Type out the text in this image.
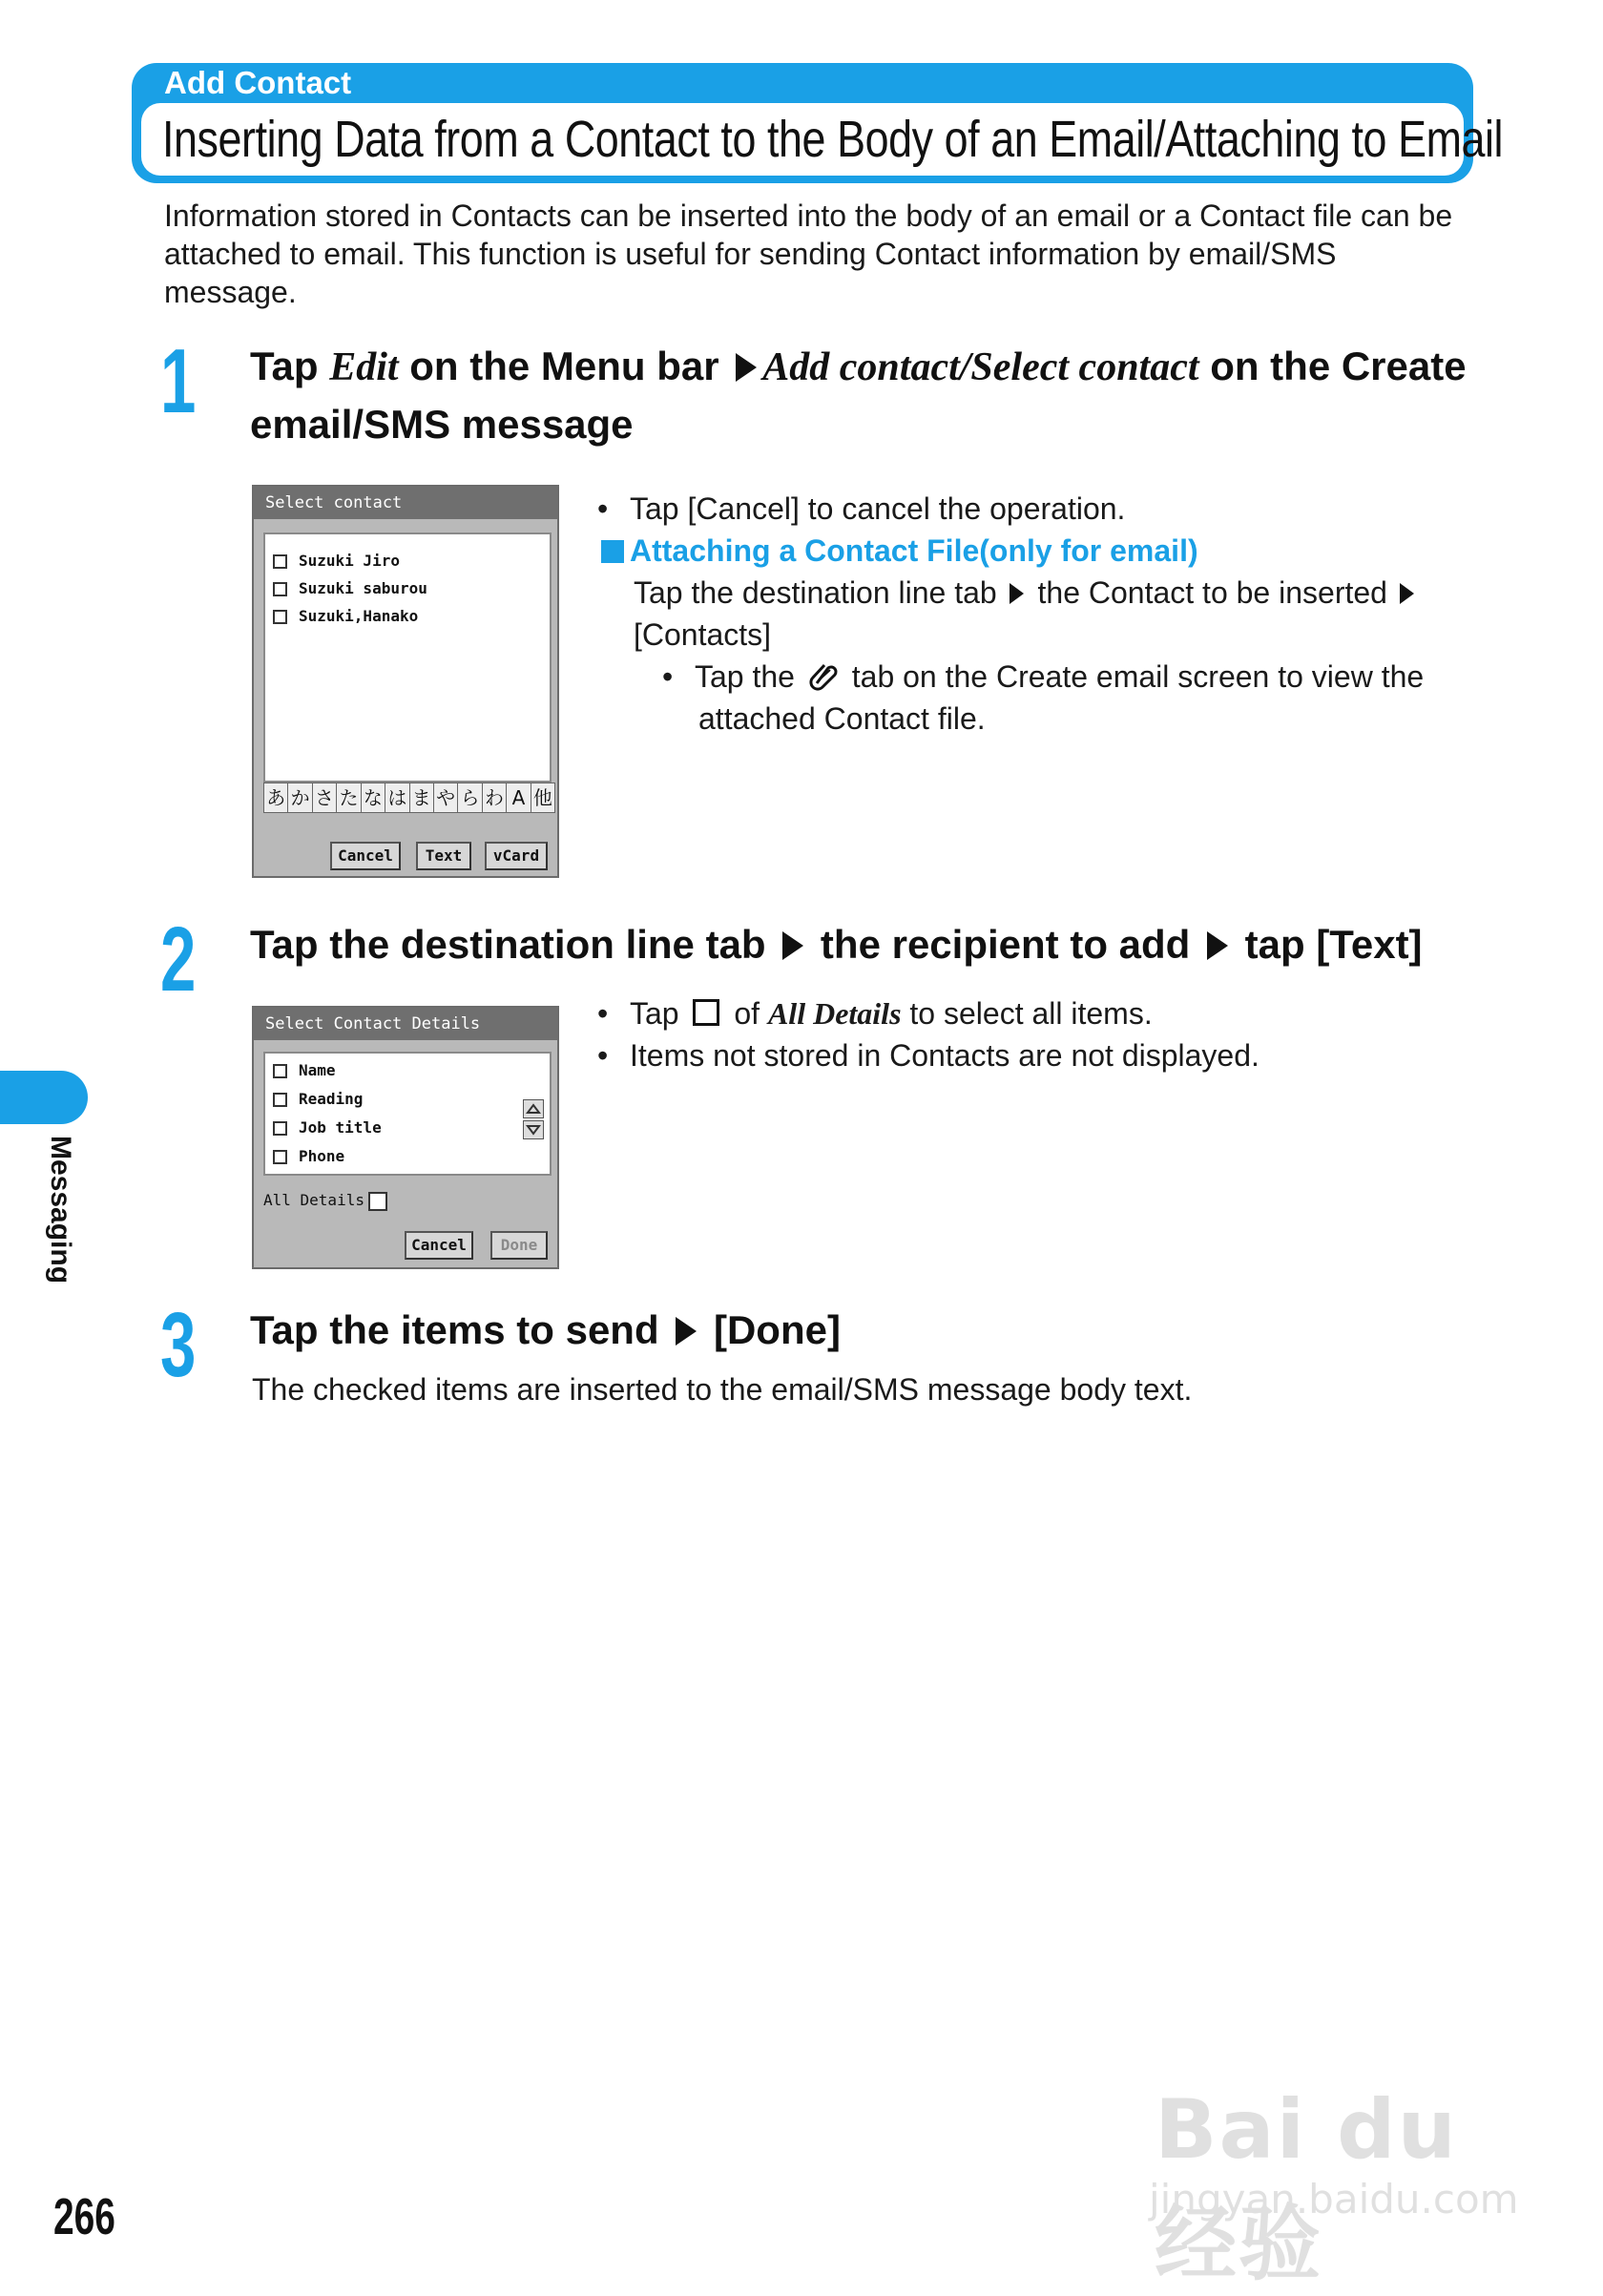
Add Contact
Inserting Data from a Contact to the Body of an Email/Attaching to Email
Information stored in Contacts can be inserted into the body of an email or a Contact file can be attached to email. This function is useful for sending Contact information by email/SMS message.
1 Tap Edit on the Menu bar Add contact/Select contact on the Create email/SMS message
Select contact
Suzuki Jiro
Suzuki saburou
Suzuki,Hanako
あ か さ た な は ま や ら わ A 他
Cancel	Text	vCard
• Tap [Cancel] to cancel the operation.
Attaching a Contact File(only for email)
Tap the destination line tab  the Contact to be inserted
[Contacts]
• Tap the  tab on the Create email screen to view the
attached Contact file.
2 Tap the destination line tab  the recipient to add  tap [Text]
Select Contact Details
Name
Reading
Job title
Phone
All Details
Cancel	Done
• Tap  of All Details to select all items.
• Items not stored in Contacts are not displayed.
3 Tap the items to send  [Done]
The checked items are inserted to the email/SMS message body text.
Messaging
266
Bai du 经验
jingyan.baidu.com
